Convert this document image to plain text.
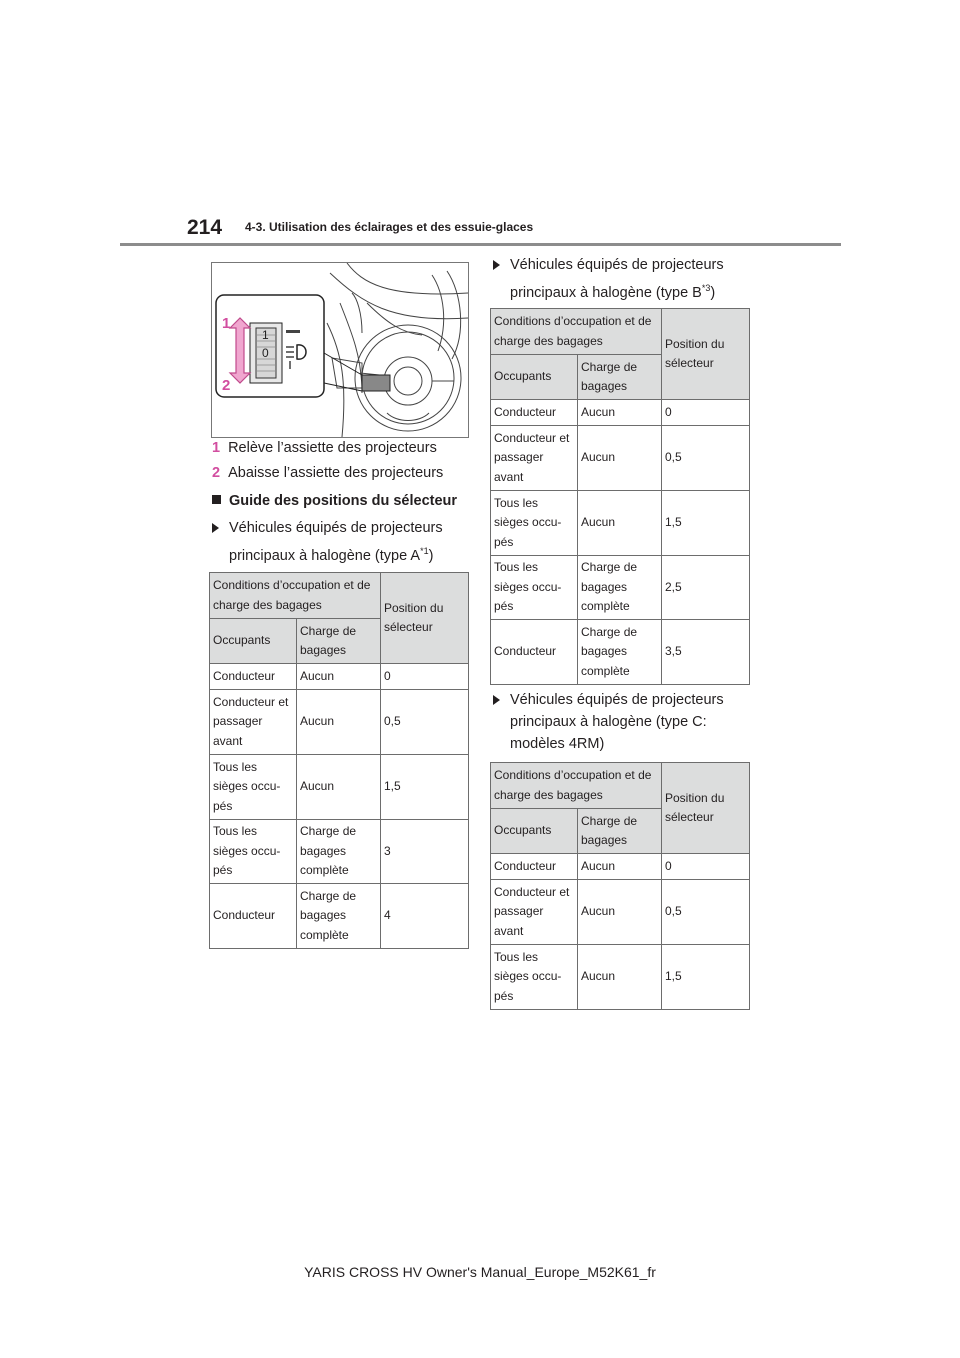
214 4-3. Utilisation des éclairages et des essuie-glaces
1
0
1
2
1 Relève l’assiette des projecteurs
2 Abaisse l’assiette des projecteurs
Guide des positions du sélecteur
Véhicules équipés de projecteurs
principaux à halogène (type $A^{*1}$)
Conditions d’occupation et de charge des bagages		Position du sélecteur
Occupants	Charge de bagages	
Conducteur	Aucun	0
Conducteur et passager avant	Aucun	0,5
Tous les sièges occu-pés	Aucun	1,5
Tous les sièges occu-pés	Charge de bagages complète	3
Conducteur	Charge de bagages complète	4
Véhicules équipés de projecteurs
principaux à halogène (type $B^{*3}$)
Conditions d’occupation et de charge des bagages		Position du sélecteur
Occupants	Charge de bagages	
Conducteur	Aucun	0
Conducteur et passager avant	Aucun	0,5
Tous les sièges occu-pés	Aucun	1,5
Tous les sièges occu-pés	Charge de bagages complète	2,5
Conducteur	Charge de bagages complète	3,5
Véhicules équipés de projecteurs
principaux à halogène (type C:
modèles 4RM)
Conditions d’occupation et de charge des bagages		Position du sélecteur
Occupants	Charge de bagages	
Conducteur	Aucun	0
Conducteur et passager avant	Aucun	0,5
Tous les sièges occu-pés	Aucun	1,5
YARIS CROSS HV Owner's Manual_Europe_M52K61_fr
